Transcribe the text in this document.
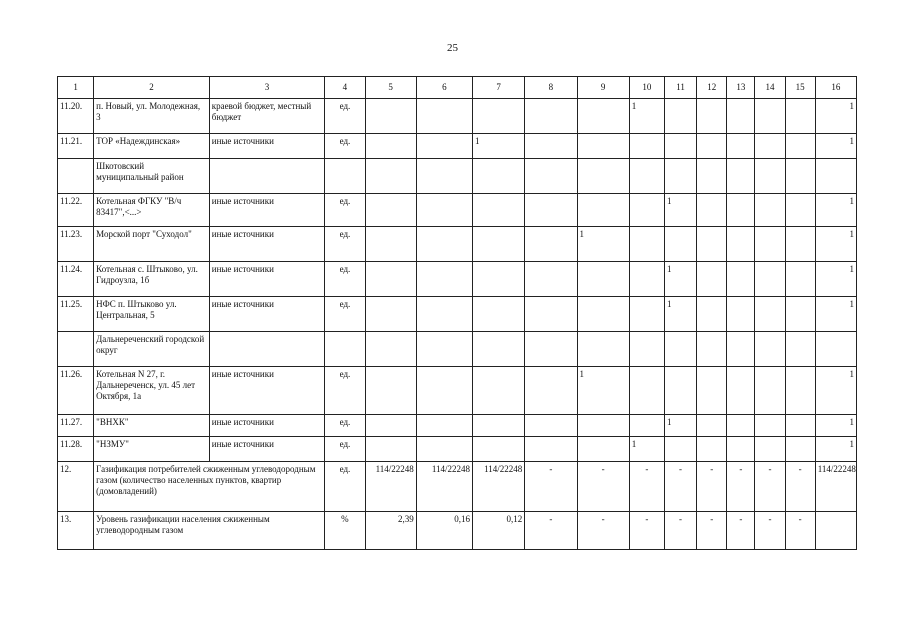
25
1	2	3	4	5	6	7	8	9	10	11	12	13	14	15	16
11.20.	п. Новый, ул. Молодежная, 3	краевой бюджет, местный бюджет	ед.						1						1
11.21.	ТОР «Надеждинская»	иные источники	ед.			1									1
	Шкотовский муниципальный район														
11.22.	Котельная ФГКУ "В/ч 83417",<...>	иные источники	ед.							1					1
11.23.	Морской порт "Суходол"	иные источники	ед.					1							1
11.24.	Котельная с. Штыково, ул. Гидроузла, 1б	иные источники	ед.							1					1
11.25.	НФС п. Штыково ул. Центральная, 5	иные источники	ед.							1					1
	Дальнереченский городской округ														
11.26.	Котельная N 27, г. Дальнереченск, ул. 45 лет Октября, 1а	иные источники	ед.					1							1
11.27.	"ВНХК"	иные источники	ед.							1					1
11.28.	"НЗМУ"	иные источники	ед.						1						1
12.	Газификация потребителей сжиженным углеводородным газом (количество населенных пунктов, квартир (домовладений)		ед.	114/22248	114/22248	114/22248	-	-	-	-	-	-	-	-	114/22248
13.	Уровень газификации населения сжиженным углеводородным газом		%	2,39	0,16	0,12	-	-	-	-	-	-	-	-	
